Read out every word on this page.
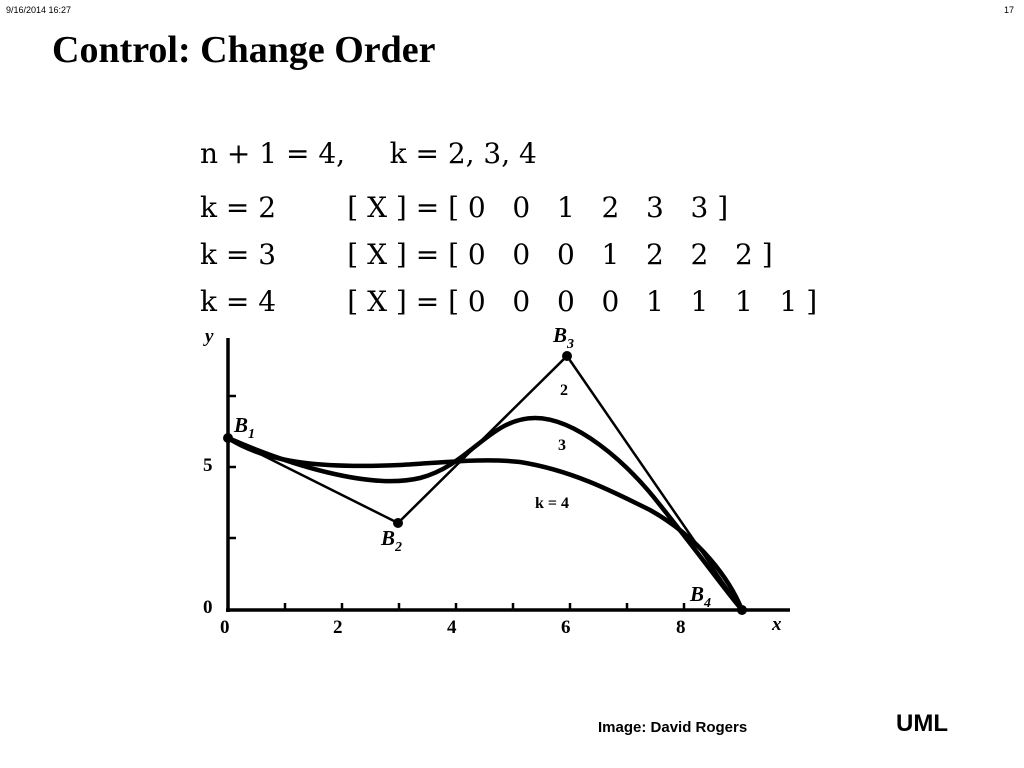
9/16/2014 16:27	17
Control: Change Order
n + 1 = 4,     k = 2, 3, 4
k = 2	[ X ] = [ 0   0   1   2   3   3 ]
k = 3	[ X ] = [ 0   0   0   1   2   2   2 ]
k = 4	[ X ] = [ 0   0   0   0   1   1   1   1 ]
y
x
0	2	4	6	8
0
5
$B_1$
$B_2$
$B_3$
$B_4$
2
3
k = 4
Image: David Rogers	UML
